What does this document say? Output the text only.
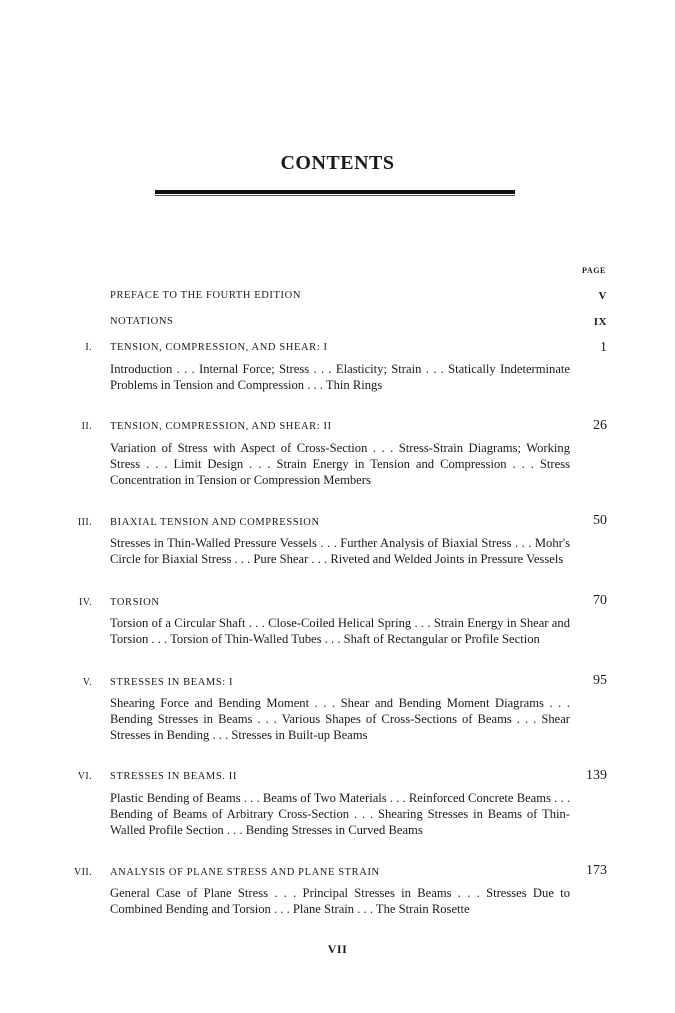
CONTENTS
PAGE
PREFACE TO THE FOURTH EDITION	V
NOTATIONS	IX
I. TENSION, COMPRESSION, AND SHEAR: I	1
Introduction . . . Internal Force; Stress . . . Elasticity; Strain . . . Statically Indeterminate Problems in Tension and Compression . . . Thin Rings
II. TENSION, COMPRESSION, AND SHEAR: II	26
Variation of Stress with Aspect of Cross-Section . . . Stress-Strain Diagrams; Working Stress . . . Limit Design . . . Strain Energy in Tension and Compression . . . Stress Concentration in Tension or Compression Members
III. BIAXIAL TENSION AND COMPRESSION	50
Stresses in Thin-Walled Pressure Vessels . . . Further Analysis of Biaxial Stress . . . Mohr's Circle for Biaxial Stress . . . Pure Shear . . . Riveted and Welded Joints in Pressure Vessels
IV. TORSION	70
Torsion of a Circular Shaft . . . Close-Coiled Helical Spring . . . Strain Energy in Shear and Torsion . . . Torsion of Thin-Walled Tubes . . . Shaft of Rectangular or Profile Section
V. STRESSES IN BEAMS: I	95
Shearing Force and Bending Moment . . . Shear and Bending Moment Diagrams . . . Bending Stresses in Beams . . . Various Shapes of Cross-Sections of Beams . . . Shear Stresses in Bending . . . Stresses in Built-up Beams
VI. STRESSES IN BEAMS. II	139
Plastic Bending of Beams . . . Beams of Two Materials . . . Reinforced Concrete Beams . . . Bending of Beams of Arbitrary Cross-Section . . . Shearing Stresses in Beams of Thin-Walled Profile Section . . . Bending Stresses in Curved Beams
VII. ANALYSIS OF PLANE STRESS AND PLANE STRAIN	173
General Case of Plane Stress . . . Principal Stresses in Beams . . . Stresses Due to Combined Bending and Torsion . . . Plane Strain . . . The Strain Rosette
VII
